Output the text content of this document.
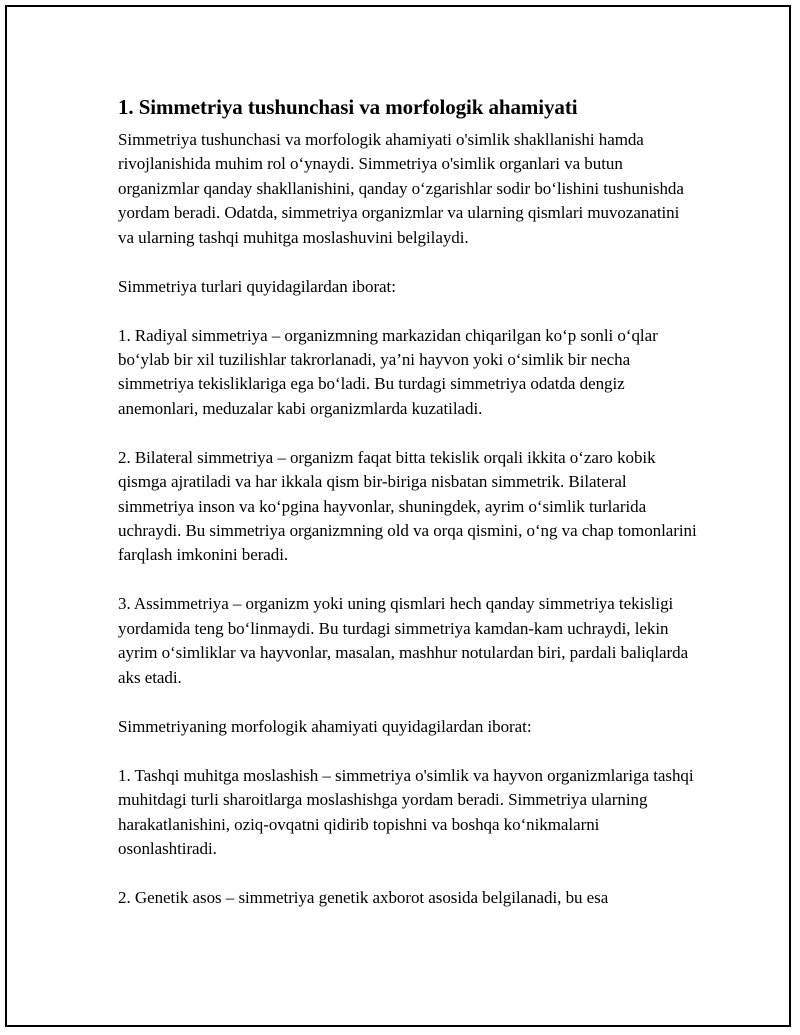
1. Simmetriya tushunchasi va morfologik ahamiyati

Simmetriya tushunchasi va morfologik ahamiyati o'simlik shakllanishi hamda rivojlanishida muhim rol o‘ynaydi. Simmetriya o'simlik organlari va butun organizmlar qanday shakllanishini, qanday o‘zgarishlar sodir bo‘lishini tushunishda yordam beradi. Odatda, simmetriya organizmlar va ularning qismlari muvozanatini va ularning tashqi muhitga moslashuvini belgilaydi.

Simmetriya turlari quyidagilardan iborat:

1. Radiyal simmetriya – organizmning markazidan chiqarilgan ko‘p sonli o‘qlar bo‘ylab bir xil tuzilishlar takrorlanadi, ya’ni hayvon yoki o‘simlik bir necha simmetriya tekisliklariga ega bo‘ladi. Bu turdagi simmetriya odatda dengiz anemonlari, meduzalar kabi organizmlarda kuzatiladi.

2. Bilateral simmetriya – organizm faqat bitta tekislik orqali ikkita o‘zaro kobik qismga ajratiladi va har ikkala qism bir-biriga nisbatan simmetrik. Bilateral simmetriya inson va ko‘pgina hayvonlar, shuningdek, ayrim o‘simlik turlarida uchraydi. Bu simmetriya organizmning old va orqa qismini, o‘ng va chap tomonlarini farqlash imkonini beradi.

3. Assimmetriya – organizm yoki uning qismlari hech qanday simmetriya tekisligi yordamida teng bo‘linmaydi. Bu turdagi simmetriya kamdan-kam uchraydi, lekin ayrim o‘simliklar va hayvonlar, masalan, mashhur notulardan biri, pardali baliqlarda aks etadi.

Simmetriyaning morfologik ahamiyati quyidagilardan iborat:

1. Tashqi muhitga moslashish – simmetriya o'simlik va hayvon organizmlariga tashqi muhitdagi turli sharoitlarga moslashishga yordam beradi. Simmetriya ularning harakatlanishini, oziq-ovqatni qidirib topishni va boshqa ko‘nikmalarni osonlashtiradi.

2. Genetik asos – simmetriya genetik axborot asosida belgilanadi, bu esa
